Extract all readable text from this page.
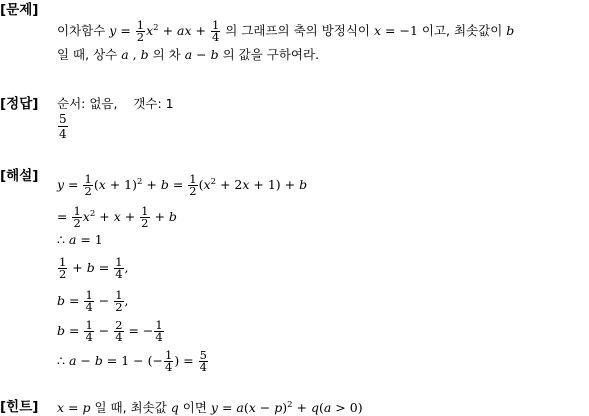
[문제]
이차함수 $y = \frac{1}{2} x^2$ + ax + $\frac{1}{4}$ 의 그래프의 축의 방정식이 x = −1 이고, 최솟값이 b
일 때, 상수 a , b 의 차 a − b 의 값을 구하여라.
[정답] 순서: 없음,    갯수: 1
$\frac{5}{4}$
[해설]
$y = \frac{1}{2} (x + 1)^2 + b = \frac{1}{2} (x^2 + 2x + 1) + b$
= $\frac{1}{2} x^2 + x + \frac{1}{2} + b$
∴ a = 1
$\frac{1}{2} + b = \frac{1}{4}$ ,
$b = \frac{1}{4} - \frac{1}{2}$ ,
$b = \frac{1}{4} - \frac{2}{4}$ = − $\frac{1}{4}$
∴ a − b = 1 − (− $\frac{1}{4}$ ) = $\frac{5}{4}$
[힌트] x = p 일 때, 최솟값 q 이면 $y = a(x - p)^2 + q(a > 0)$
